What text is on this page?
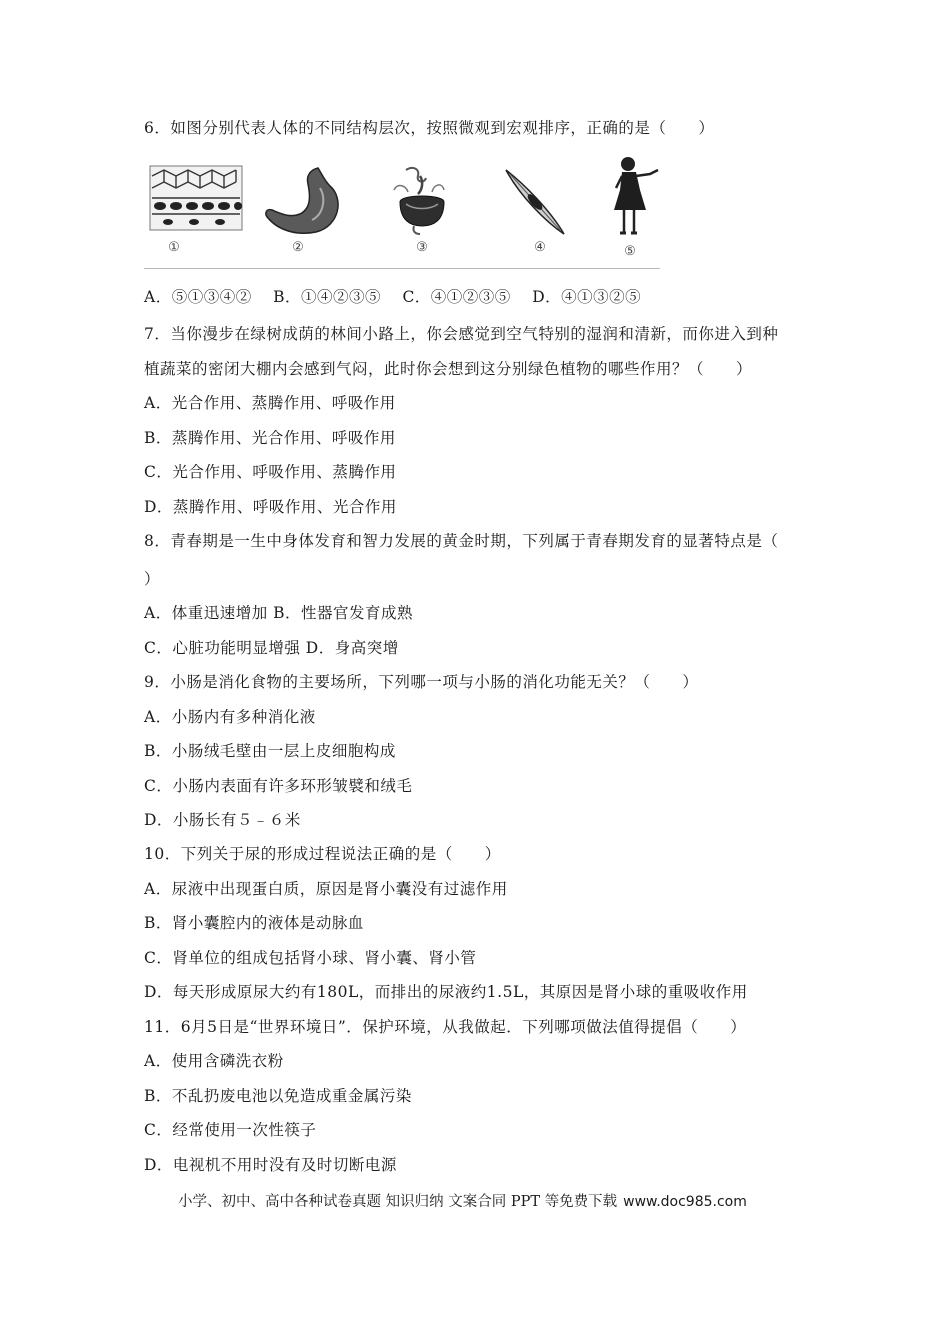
6．如图分别代表人体的不同结构层次，按照微观到宏观排序，正确的是（　　）
①	②	③	④	⑤
A．⑤①③④②　 B．①④②③⑤　 C．④①②③⑤　 D．④①③②⑤
7．当你漫步在绿树成荫的林间小路上，你会感觉到空气特别的湿润和清新，而你进入到种
植蔬菜的密闭大棚内会感到气闷，此时你会想到这分别绿色植物的哪些作用？（　　）
A．光合作用、蒸腾作用、呼吸作用
B．蒸腾作用、光合作用、呼吸作用
C．光合作用、呼吸作用、蒸腾作用
D．蒸腾作用、呼吸作用、光合作用
8．青春期是一生中身体发育和智力发展的黄金时期，下列属于青春期发育的显著特点是（
）
A．体重迅速增加 B．性器官发育成熟
C．心脏功能明显增强 D．身高突增
9．小肠是消化食物的主要场所，下列哪一项与小肠的消化功能无关？（　　）
A．小肠内有多种消化液
B．小肠绒毛壁由一层上皮细胞构成
C．小肠内表面有许多环形皱襞和绒毛
D．小肠长有５﹣６米
10．下列关于尿的形成过程说法正确的是（　　）
A．尿液中出现蛋白质，原因是肾小囊没有过滤作用
B．肾小囊腔内的液体是动脉血
C．肾单位的组成包括肾小球、肾小囊、肾小管
D．每天形成原尿大约有180L，而排出的尿液约1.5L，其原因是肾小球的重吸收作用
11．6月5日是“世界环境日”．保护环境，从我做起．下列哪项做法值得提倡（　　）
A．使用含磷洗衣粉
B．不乱扔废电池以免造成重金属污染
C．经常使用一次性筷子
D．电视机不用时没有及时切断电源
小学、初中、高中各种试卷真题 知识归纳 文案合同 PPT 等免费下载 www.doc985.com
